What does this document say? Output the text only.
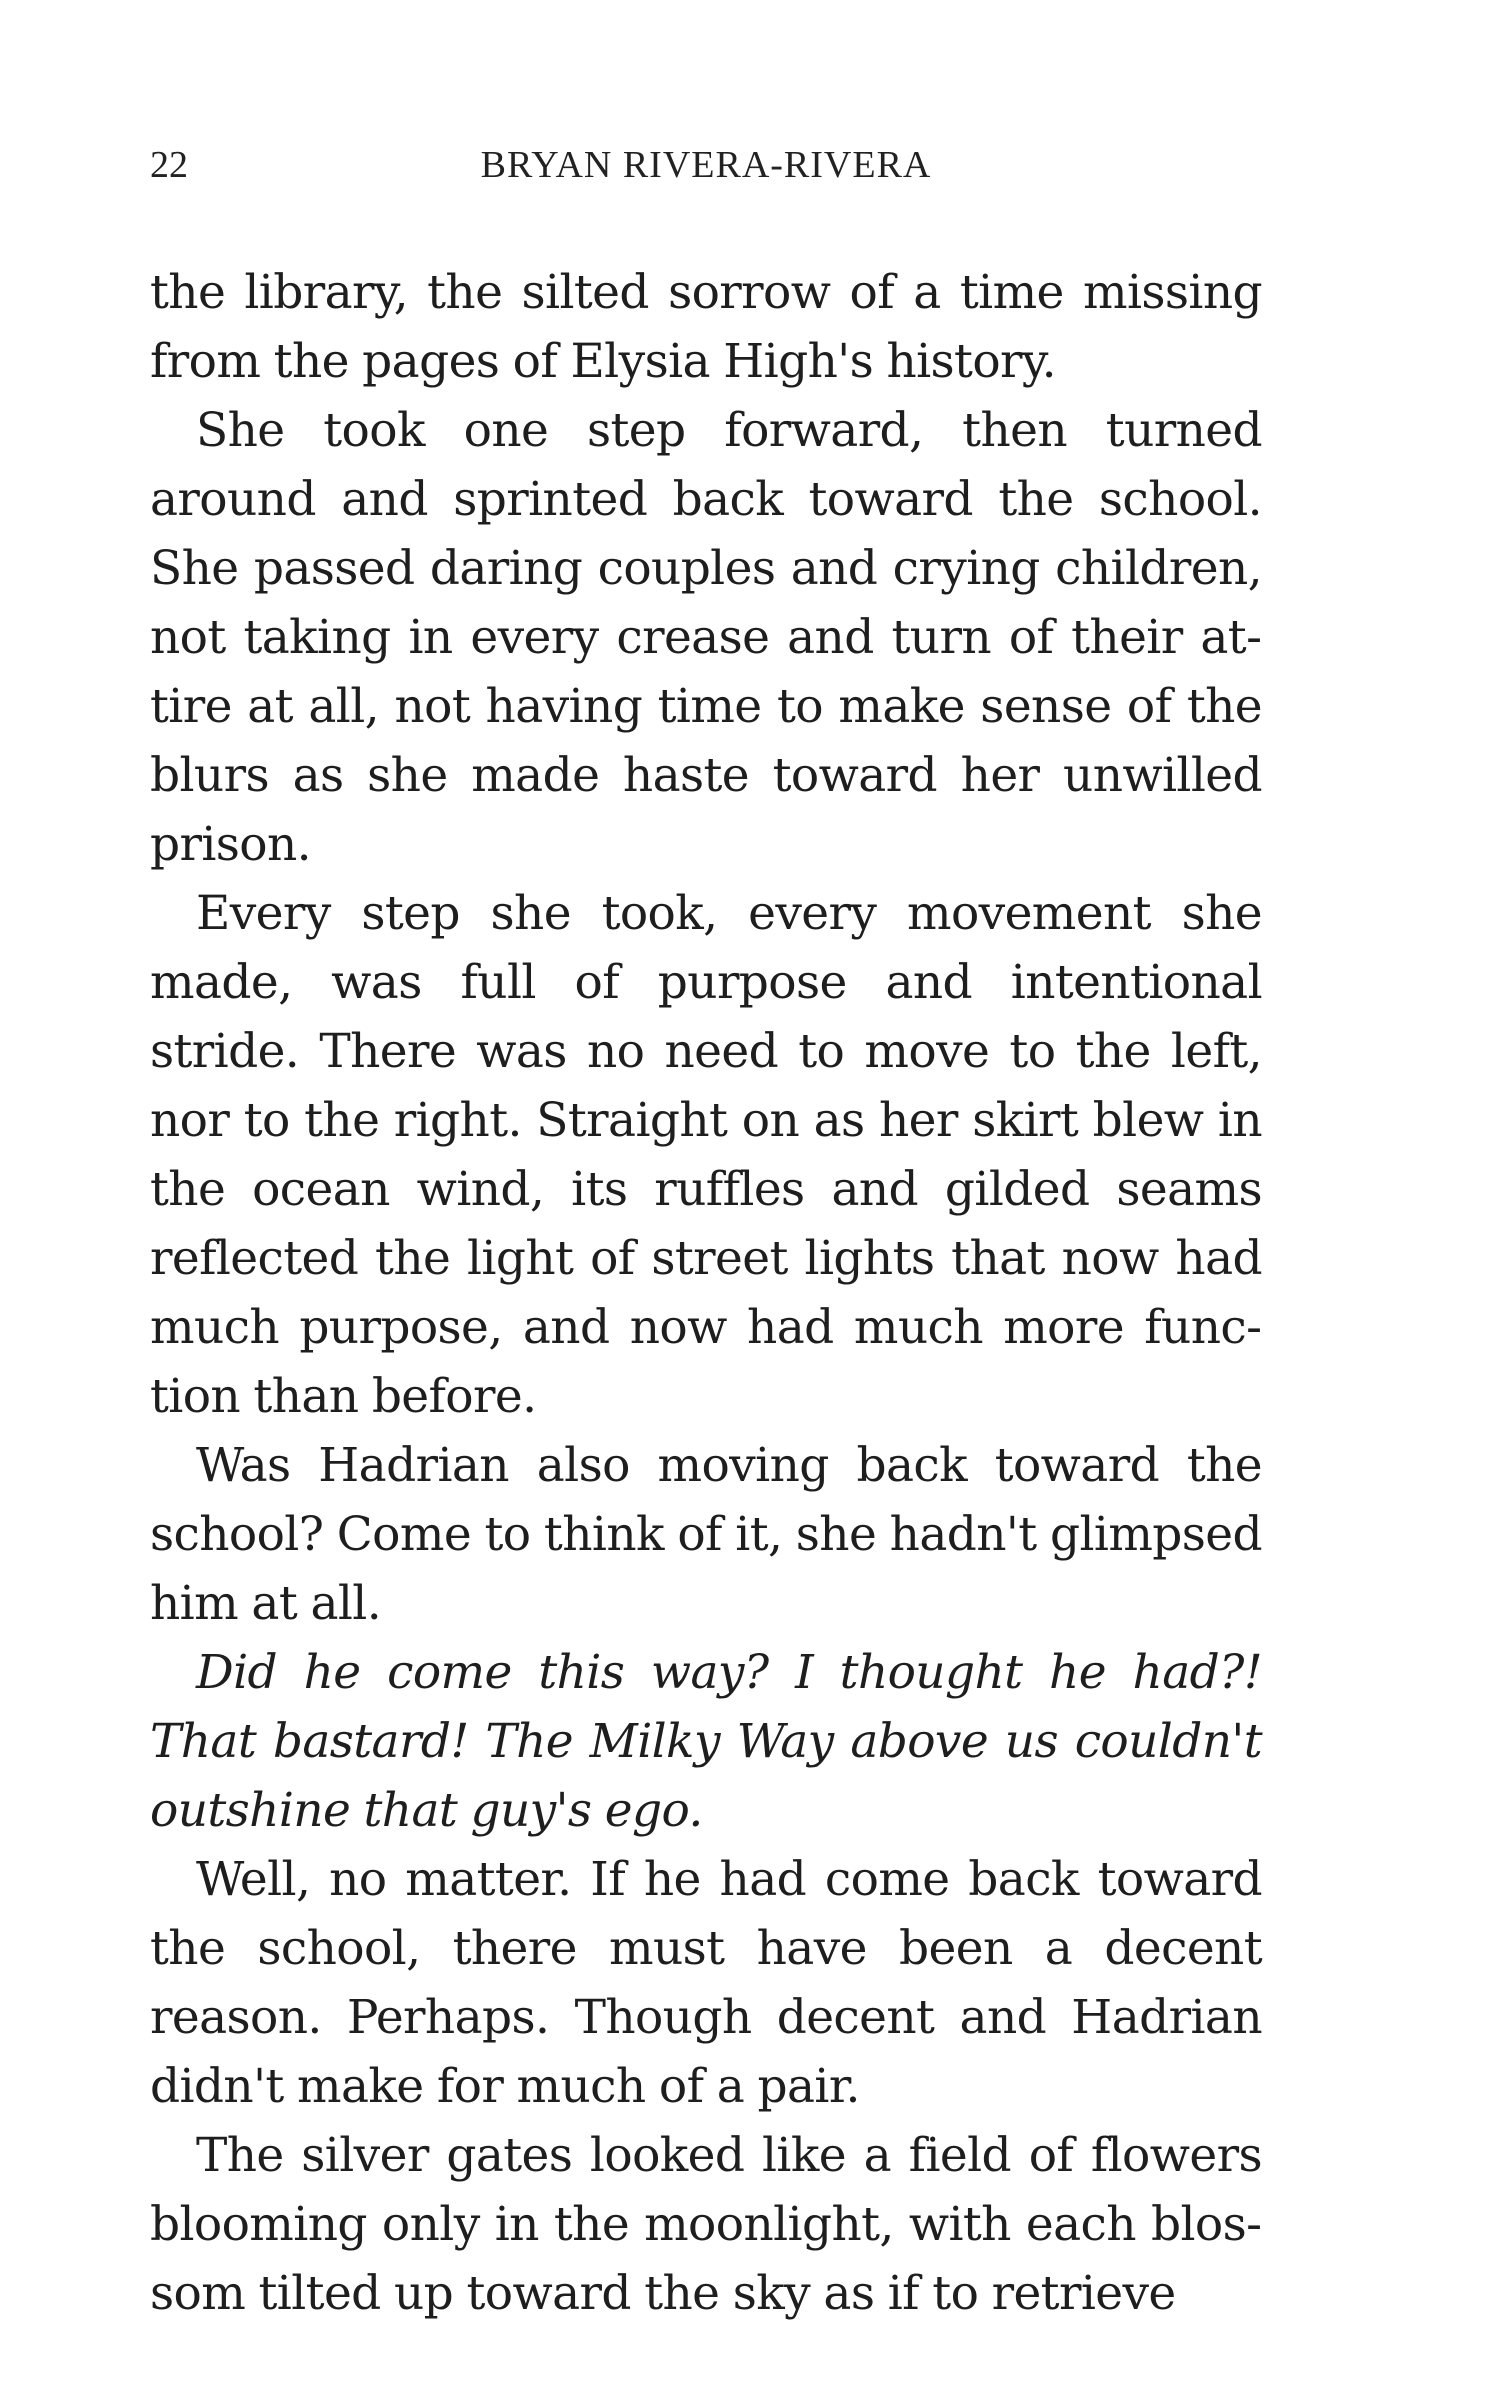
22	BRYAN RIVERA-RIVERA

the library, the silted sorrow of a time missing from the pages of Elysia High's history.

She took one step forward, then turned around and sprinted back toward the school. She passed daring couples and crying children, not taking in every crease and turn of their attire at all, not having time to make sense of the blurs as she made haste toward her unwilled prison.

Every step she took, every movement she made, was full of purpose and intentional stride. There was no need to move to the left, nor to the right. Straight on as her skirt blew in the ocean wind, its ruffles and gilded seams reflected the light of street lights that now had much purpose, and now had much more function than before.

Was Hadrian also moving back toward the school? Come to think of it, she hadn't glimpsed him at all.

Did he come this way? I thought he had?! That bastard! The Milky Way above us couldn't outshine that guy's ego.

Well, no matter. If he had come back toward the school, there must have been a decent reason. Perhaps. Though decent and Hadrian didn't make for much of a pair.

The silver gates looked like a field of flowers blooming only in the moonlight, with each blossom tilted up toward the sky as if to retrieve
